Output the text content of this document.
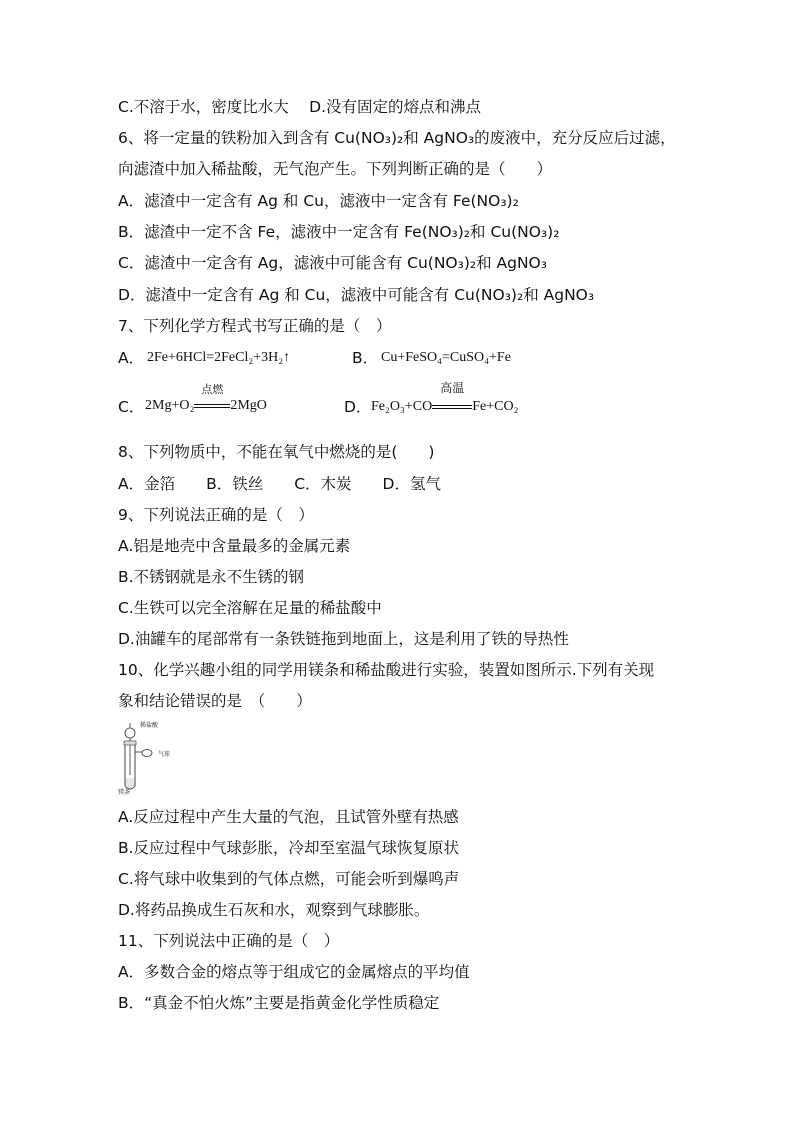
C.不溶于水，密度比水大　 D.没有固定的熔点和沸点
6、将一定量的铁粉加入到含有 Cu(NO₃)₂和 AgNO₃的废液中，充分反应后过滤，
向滤渣中加入稀盐酸，无气泡产生。下列判断正确的是（　　）
A．滤渣中一定含有 Ag 和 Cu，滤液中一定含有 Fe(NO₃)₂
B．滤渣中一定不含 Fe，滤液中一定含有 Fe(NO₃)₂和 Cu(NO₃)₂
C．滤渣中一定含有 Ag，滤液中可能含有 Cu(NO₃)₂和 AgNO₃
D．滤渣中一定含有 Ag 和 Cu，滤液中可能含有 Cu(NO₃)₂和 AgNO₃
7、下列化学方程式书写正确的是（　）
A． 2Fe+6HCl=2FeCl₂+3H₂↑	B． Cu+FeSO₄=CuSO₄+Fe
C． 2Mg+O₂
点燃
2MgO	D． Fe₂O₃+CO
高温
Fe+CO₂
8、下列物质中，不能在氧气中燃烧的是(　　)
A．金箔　　B．铁丝　　C．木炭　　D．氢气
9、下列说法正确的是（　）
A.铝是地壳中含量最多的金属元素
B.不锈钢就是永不生锈的钢
C.生铁可以完全溶解在足量的稀盐酸中
D.油罐车的尾部常有一条铁链拖到地面上，这是利用了铁的导热性
10、化学兴趣小组的同学用镁条和稀盐酸进行实验，装置如图所示.下列有关现
象和结论错误的是　（　　）
稀盐酸
气球
镁条
A.反应过程中产生大量的气泡，且试管外壁有热感
B.反应过程中气球彭胀，冷却至室温气球恢复原状
C.将气球中收集到的气体点燃，可能会听到爆鸣声
D.将药品换成生石灰和水，观察到气球膨胀。
11、下列说法中正确的是（　）
A．多数合金的熔点等于组成它的金属熔点的平均值
B．“真金不怕火炼”主要是指黄金化学性质稳定
